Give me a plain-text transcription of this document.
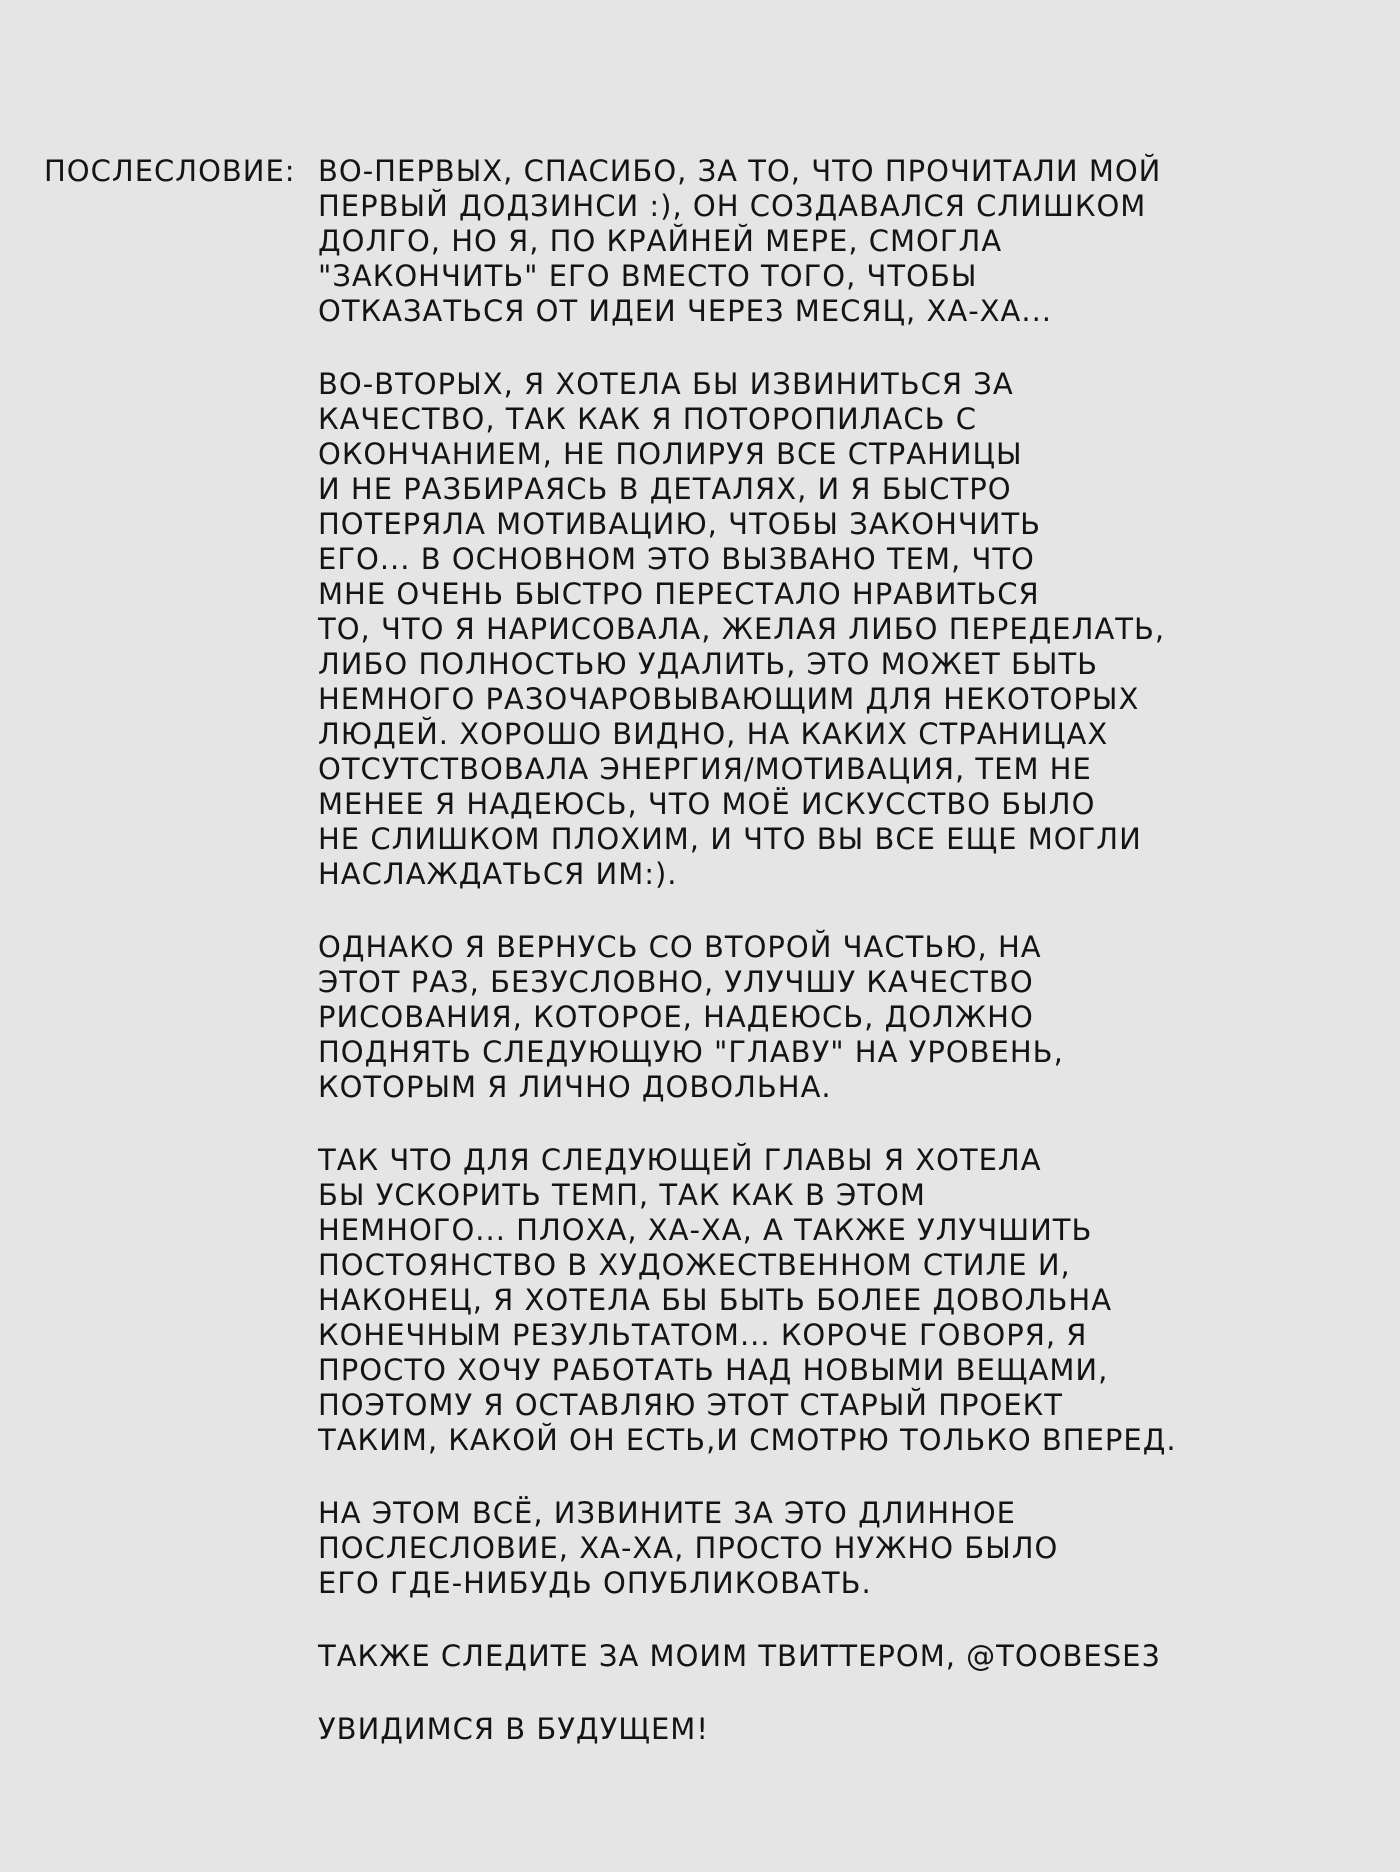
ПОСЛЕСЛОВИЕ: ВО-ПЕРВЫХ, СПАСИБО, ЗА ТО, ЧТО ПРОЧИТАЛИ МОЙ
ПЕРВЫЙ ДОДЗИНСИ :), ОН СОЗДАВАЛСЯ СЛИШКОМ
ДОЛГО, НО Я, ПО КРАЙНЕЙ МЕРЕ, СМОГЛА
"ЗАКОНЧИТЬ" ЕГО ВМЕСТО ТОГО, ЧТОБЫ
ОТКАЗАТЬСЯ ОТ ИДЕИ ЧЕРЕЗ МЕСЯЦ, ХА-ХА...
ВО-ВТОРЫХ, Я ХОТЕЛА БЫ ИЗВИНИТЬСЯ ЗА
КАЧЕСТВО, ТАК КАК Я ПОТОРОПИЛАСЬ С
ОКОНЧАНИЕМ, НЕ ПОЛИРУЯ ВСЕ СТРАНИЦЫ
И НЕ РАЗБИРАЯСЬ В ДЕТАЛЯХ, И Я БЫСТРО
ПОТЕРЯЛА МОТИВАЦИЮ, ЧТОБЫ ЗАКОНЧИТЬ
ЕГО... В ОСНОВНОМ ЭТО ВЫЗВАНО ТЕМ, ЧТО
МНЕ ОЧЕНЬ БЫСТРО ПЕРЕСТАЛО НРАВИТЬСЯ
ТО, ЧТО Я НАРИСОВАЛА, ЖЕЛАЯ ЛИБО ПЕРЕДЕЛАТЬ,
ЛИБО ПОЛНОСТЬЮ УДАЛИТЬ, ЭТО МОЖЕТ БЫТЬ
НЕМНОГО РАЗОЧАРОВЫВАЮЩИМ ДЛЯ НЕКОТОРЫХ
ЛЮДЕЙ. ХОРОШО ВИДНО, НА КАКИХ СТРАНИЦАХ
ОТСУТСТВОВАЛА ЭНЕРГИЯ/МОТИВАЦИЯ, ТЕМ НЕ
МЕНЕЕ Я НАДЕЮСЬ, ЧТО МОЁ ИСКУССТВО БЫЛО
НЕ СЛИШКОМ ПЛОХИМ, И ЧТО ВЫ ВСЕ ЕЩЕ МОГЛИ
НАСЛАЖДАТЬСЯ ИМ:).
ОДНАКО Я ВЕРНУСЬ СО ВТОРОЙ ЧАСТЬЮ, НА
ЭТОТ РАЗ, БЕЗУСЛОВНО, УЛУЧШУ КАЧЕСТВО
РИСОВАНИЯ, КОТОРОЕ, НАДЕЮСЬ, ДОЛЖНО
ПОДНЯТЬ СЛЕДУЮЩУЮ "ГЛАВУ" НА УРОВЕНЬ,
КОТОРЫМ Я ЛИЧНО ДОВОЛЬНА.
ТАК ЧТО ДЛЯ СЛЕДУЮЩЕЙ ГЛАВЫ Я ХОТЕЛА
БЫ УСКОРИТЬ ТЕМП, ТАК КАК В ЭТОМ
НЕМНОГО... ПЛОХА, ХА-ХА, А ТАКЖЕ УЛУЧШИТЬ
ПОСТОЯНСТВО В ХУДОЖЕСТВЕННОМ СТИЛЕ И,
НАКОНЕЦ, Я ХОТЕЛА БЫ БЫТЬ БОЛЕЕ ДОВОЛЬНА
КОНЕЧНЫМ РЕЗУЛЬТАТОМ... КОРОЧЕ ГОВОРЯ, Я
ПРОСТО ХОЧУ РАБОТАТЬ НАД НОВЫМИ ВЕЩАМИ,
ПОЭТОМУ Я ОСТАВЛЯЮ ЭТОТ СТАРЫЙ ПРОЕКТ
ТАКИМ, КАКОЙ ОН ЕСТЬ,И СМОТРЮ ТОЛЬКО ВПЕРЕД.
НА ЭТОМ ВСЁ, ИЗВИНИТЕ ЗА ЭТО ДЛИННОЕ
ПОСЛЕСЛОВИЕ, ХА-ХА, ПРОСТО НУЖНО БЫЛО
ЕГО ГДЕ-НИБУДЬ ОПУБЛИКОВАТЬ.
ТАКЖЕ СЛЕДИТЕ ЗА МОИМ ТВИТТЕРОМ, @TOOBESE3
УВИДИМСЯ В БУДУЩЕМ!
